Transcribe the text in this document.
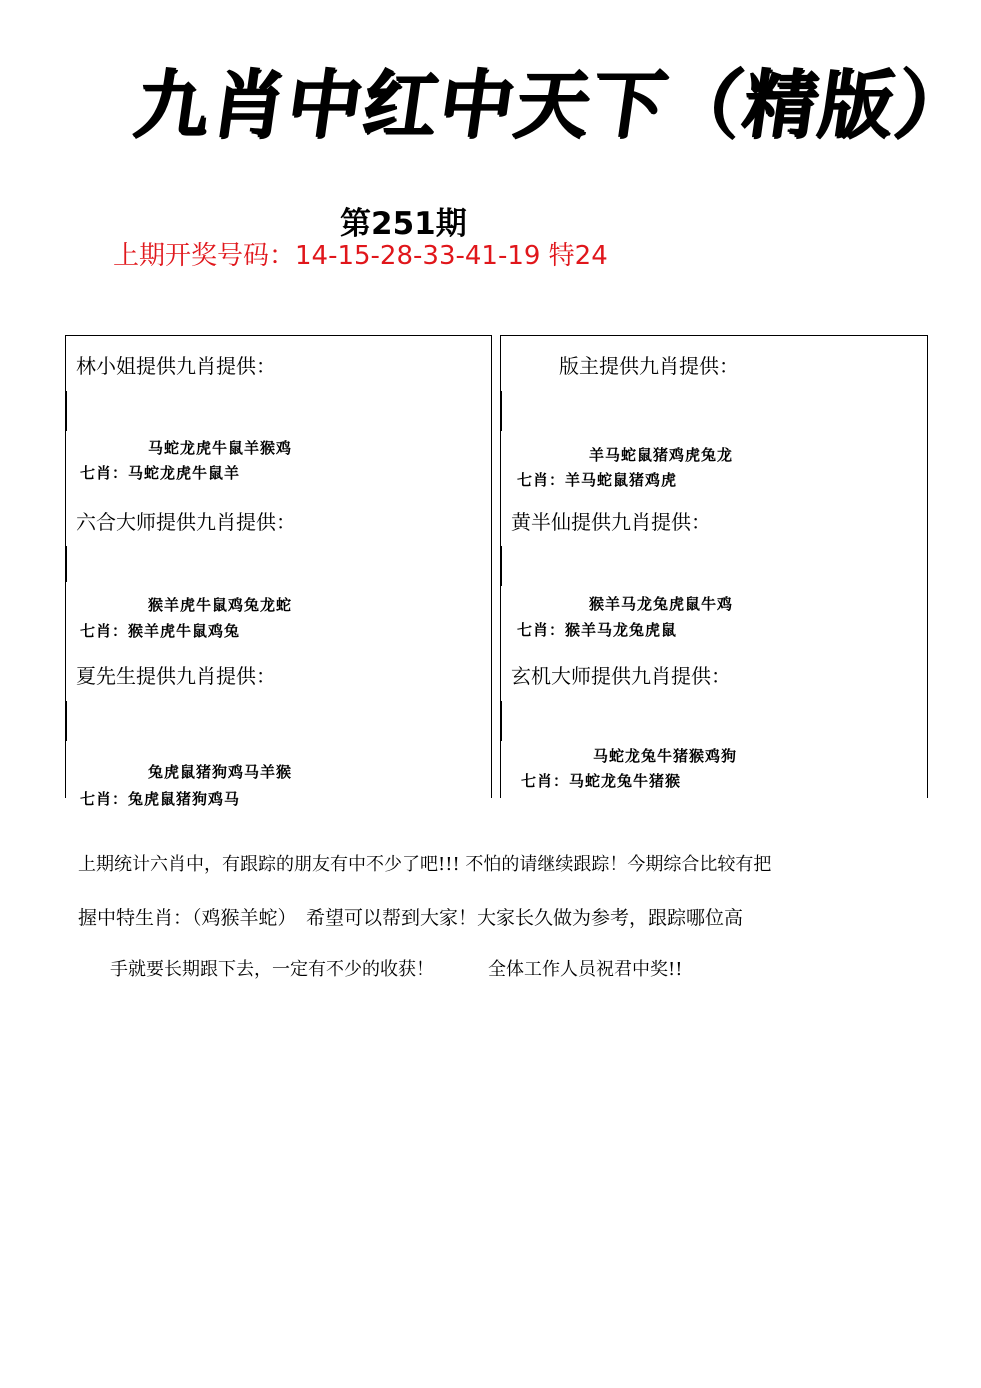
九肖中红中天下（精版）
第251期
上期开奖号码：14-15-28-33-41-19 特24
林小姐提供九肖提供：
马蛇龙虎牛鼠羊猴鸡
七肖：马蛇龙虎牛鼠羊
六合大师提供九肖提供：
猴羊虎牛鼠鸡兔龙蛇
七肖：猴羊虎牛鼠鸡兔
夏先生提供九肖提供：
兔虎鼠猪狗鸡马羊猴
七肖：兔虎鼠猪狗鸡马
版主提供九肖提供：
羊马蛇鼠猪鸡虎兔龙
七肖：羊马蛇鼠猪鸡虎
黄半仙提供九肖提供：
猴羊马龙兔虎鼠牛鸡
七肖：猴羊马龙兔虎鼠
玄机大师提供九肖提供：
马蛇龙兔牛猪猴鸡狗
七肖：马蛇龙兔牛猪猴
上期统计六肖中，有跟踪的朋友有中不少了吧!!! 不怕的请继续跟踪！今期综合比较有把
握中特生肖：（鸡猴羊蛇）　希望可以帮到大家！大家长久做为参考，跟踪哪位高
手就要长期跟下去，一定有不少的收获！　　　全体工作人员祝君中奖!!
